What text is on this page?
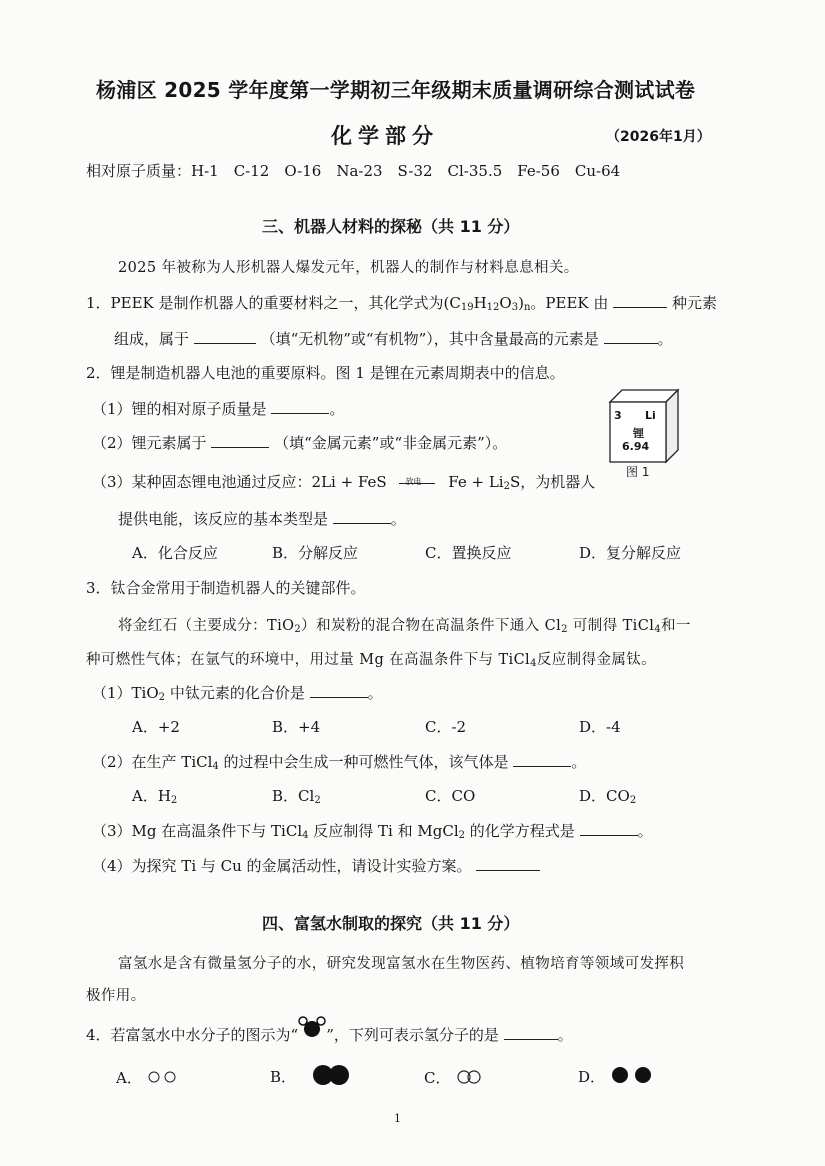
杨浦区 2025 学年度第一学期初三年级期末质量调研综合测试试卷
化学部分	（2026年1月）
相对原子质量：H-1　C-12　O-16　Na-23　S-32　Cl-35.5　Fe-56　Cu-64
三、机器人材料的探秘（共 11 分）
2025 年被称为人形机器人爆发元年，机器人的制作与材料息息相关。
1．PEEK 是制作机器人的重要材料之一，其化学式为$(C_{19}H_{12}O_3)_n$。PEEK 由	种元素
组成，属于	（填“无机物”或“有机物”），其中含量最高的元素是	。
2．锂是制造机器人电池的重要原料。图 1 是锂在元素周期表中的信息。
（1）锂的相对原子质量是	。
（2）锂元素属于	（填“金属元素”或“非金属元素”）。
（3）某种固态锂电池通过反应：2Li + FeS 放电 $Fe + Li_2S$，为机器人
提供电能，该反应的基本类型是	。
A．化合反应	B．分解反应	C．置换反应	D．复分解反应
3 Li
锂
6.94
图 1
3．钛合金常用于制造机器人的关键部件。
将金红石（主要成分：TiO$_2$）和炭粉的混合物在高温条件下通入 $Cl_2$ 可制得 TiCl$_4$和一
种可燃性气体；在氩气的环境中，用过量 Mg 在高温条件下与 TiCl$_4$反应制得金属钛。
（1）TiO$_2$ 中钛元素的化合价是	。
A．+2	B．+4	C．-2	D．-4
（2）在生产 TiCl$_4$ 的过程中会生成一种可燃性气体，该气体是	。
A．$H_2$	B．$Cl_2$	C．CO	D．$CO_2$
（3）Mg 在高温条件下与 TiCl$_4$ 反应制得 Ti 和 MgCl$_2$ 的化学方程式是	。
（4）为探究 Ti 与 Cu 的金属活动性，请设计实验方案。
四、富氢水制取的探究（共 11 分）
富氢水是含有微量氢分子的水，研究发现富氢水在生物医药、植物培育等领域可发挥积
极作用。
4．若富氢水中水分子的图示为“ ”，下列可表示氢分子的是	。
A．	B．	C．	D．
1
